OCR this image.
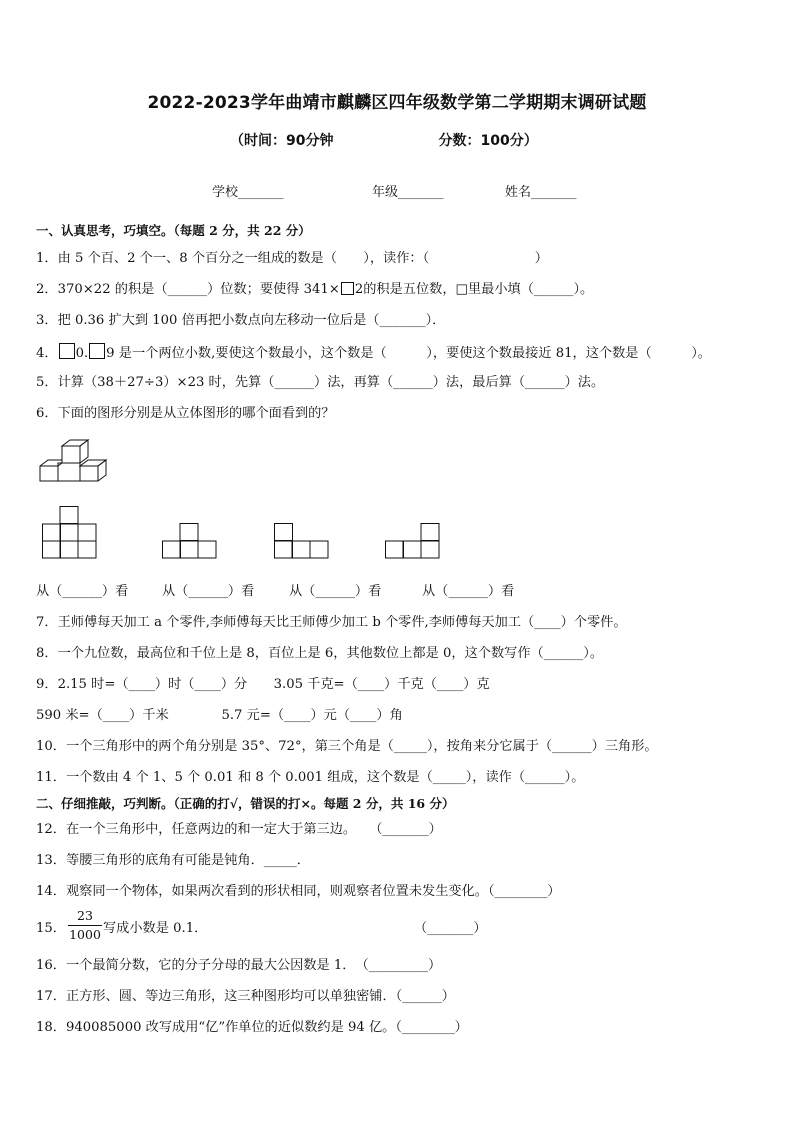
2022-2023学年曲靖市麒麟区四年级数学第二学期期末调研试题
（时间：90分钟	分数：100分）
学校_______	年级_______	姓名_______
一、认真思考，巧填空。（每题 2 分，共 22 分）
1．由 5 个百、2 个一、8 个百分之一组成的数是（　　），读作：（　　　　　　　　）
2．370×22 的积是（______）位数；要使得 341× 2的积是五位数，□里最小填（______）。
3．把 0.36 扩大到 100 倍再把小数点向左移动一位后是（_______）．
4． 0. 9 是一个两位小数,要使这个数最小，这个数是（　　　），要使这个数最接近 81，这个数是（　　　）。
5．计算（38＋27÷3）×23 时，先算（______）法，再算（______）法，最后算（______）法。
6．下面的图形分别是从立体图形的哪个面看到的？
从（______）看	从（______）看	从（______）看	从（______）看
7．王师傅每天加工 a 个零件,李师傅每天比王师傅少加工 b 个零件,李师傅每天加工（____）个零件。
8．一个九位数，最高位和千位上是 8，百位上是 6，其他数位上都是 0，这个数写作（______）。
9．2.15 时=（____）时（____）分　　3.05 千克=（____）千克（____）克
590 米=（____）千米　　　　5.7 元=（____）元（____）角
10．一个三角形中的两个角分别是 35°、72°，第三个角是（_____），按角来分它属于（______）三角形。
11．一个数由 4 个 1、5 个 0.01 和 8 个 0.001 组成，这个数是（_____），读作（______）。
二、仔细推敲，巧判断。（正确的打√，错误的打×。每题 2 分，共 16 分）
12．在一个三角形中，任意两边的和一定大于第三边。　　（_______）
13．等腰三角形的底角有可能是钝角．_____．
14．观察同一个物体，如果两次看到的形状相同，则观察者位置未发生变化。（________）
15． $\frac{23}{1000}$ 写成小数是 0.1．	（_______）
16．一个最简分数，它的分子分母的最大公因数是 1．　（_________）
17．正方形、圆、等边三角形，这三种图形均可以单独密铺．（______）
18．940085000 改写成用“亿”作单位的近似数约是 94 亿。（________）
